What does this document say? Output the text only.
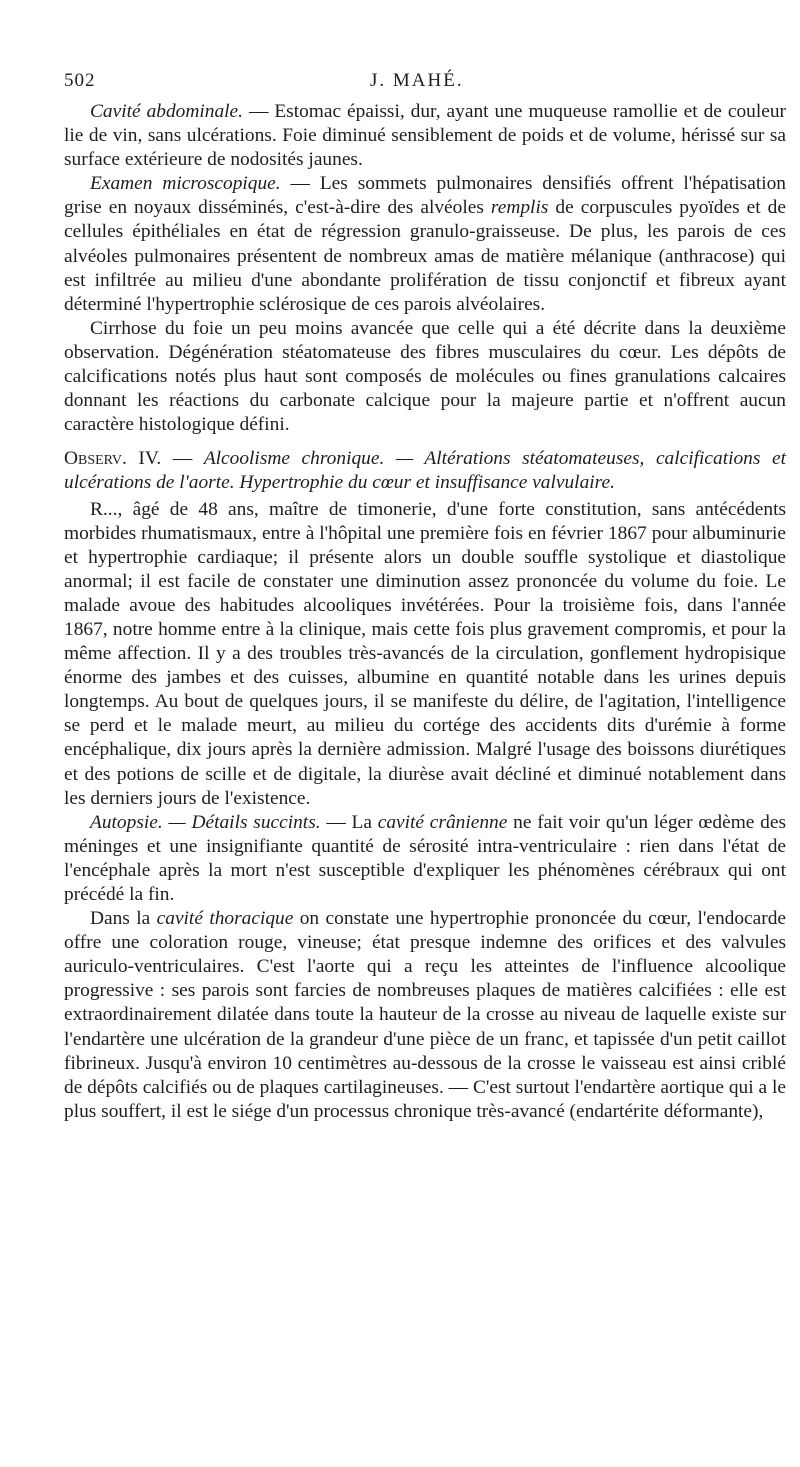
502	J. MAHÉ.

Cavité abdominale. — Estomac épaissi, dur, ayant une muqueuse ramollie et de couleur lie de vin, sans ulcérations. Foie diminué sensiblement de poids et de volume, hérissé sur sa surface extérieure de nodosités jaunes.

Examen microscopique. — Les sommets pulmonaires densifiés offrent l'hépatisation grise en noyaux disséminés, c'est-à-dire des alvéoles remplis de corpuscules pyoïdes et de cellules épithéliales en état de régression granulo-graisseuse. De plus, les parois de ces alvéoles pulmonaires présentent de nombreux amas de matière mélanique (anthracose) qui est infiltrée au milieu d'une abondante prolifération de tissu conjonctif et fibreux ayant déterminé l'hypertrophie sclérosique de ces parois alvéolaires.

Cirrhose du foie un peu moins avancée que celle qui a été décrite dans la deuxième observation. Dégénération stéatomateuse des fibres musculaires du cœur. Les dépôts de calcifications notés plus haut sont composés de molécules ou fines granulations calcaires donnant les réactions du carbonate calcique pour la majeure partie et n'offrent aucun caractère histologique défini.

Observ. IV. — Alcoolisme chronique. — Altérations stéatomateuses, calcifications et ulcérations de l'aorte. Hypertrophie du cœur et insuffisance valvulaire.

R..., âgé de 48 ans, maître de timonerie, d'une forte constitution, sans antécédents morbides rhumatismaux, entre à l'hôpital une première fois en février 1867 pour albuminurie et hypertrophie cardiaque; il présente alors un double souffle systolique et diastolique anormal; il est facile de constater une diminution assez prononcée du volume du foie. Le malade avoue des habitudes alcooliques invétérées. Pour la troisième fois, dans l'année 1867, notre homme entre à la clinique, mais cette fois plus gravement compromis, et pour la même affection. Il y a des troubles très-avancés de la circulation, gonflement hydropisique énorme des jambes et des cuisses, albumine en quantité notable dans les urines depuis longtemps. Au bout de quelques jours, il se manifeste du délire, de l'agitation, l'intelligence se perd et le malade meurt, au milieu du cortége des accidents dits d'urémie à forme encéphalique, dix jours après la dernière admission. Malgré l'usage des boissons diurétiques et des potions de scille et de digitale, la diurèse avait décliné et diminué notablement dans les derniers jours de l'existence.

Autopsie. — Détails succints. — La cavité crânienne ne fait voir qu'un léger œdème des méninges et une insignifiante quantité de sérosité intra-ventriculaire : rien dans l'état de l'encéphale après la mort n'est susceptible d'expliquer les phénomènes cérébraux qui ont précédé la fin.

Dans la cavité thoracique on constate une hypertrophie prononcée du cœur, l'endocarde offre une coloration rouge, vineuse; état presque indemne des orifices et des valvules auriculo-ventriculaires. C'est l'aorte qui a reçu les atteintes de l'influence alcoolique progressive : ses parois sont farcies de nombreuses plaques de matières calcifiées : elle est extraordinairement dilatée dans toute la hauteur de la crosse au niveau de laquelle existe sur l'endartère une ulcération de la grandeur d'une pièce de un franc, et tapissée d'un petit caillot fibrineux. Jusqu'à environ 10 centimètres au-dessous de la crosse le vaisseau est ainsi criblé de dépôts calcifiés ou de plaques cartilagineuses. — C'est surtout l'endartère aortique qui a le plus souffert, il est le siége d'un processus chronique très-avancé (endartérite déformante),
